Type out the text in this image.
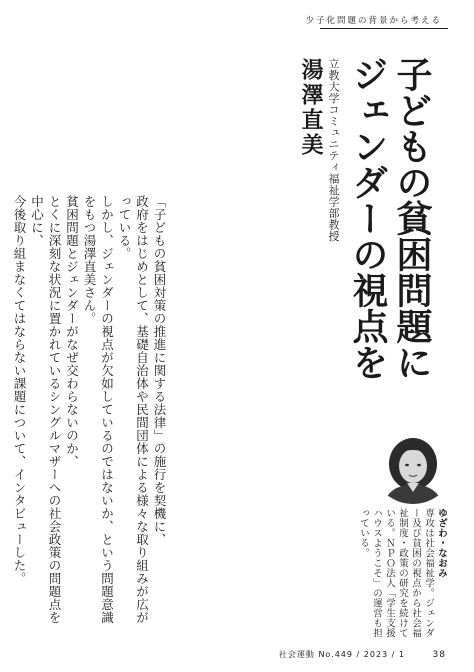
少子化問題の背景から考える
子どもの貧困問題に
ジェンダーの視点を
立教大学コミュニティ福祉学部教授
湯澤直美

「子どもの貧困対策の推進に関する法律」の施行を契機に、

政府をはじめとして、基礎自治体や民間団体による様々な取り組みが広がっている。

しかし、ジェンダーの視点が欠如しているのではないか、という問題意識をもつ湯澤直美さん。

貧困問題とジェンダーがなぜ交わらないのか、

とくに深刻な状況に置かれているシングルマザーへの社会政策の問題点を中心に、

今後取り組まなくてはならない課題について、インタビューした。	ゆざわ・なおみ
専攻は社会福祉学。ジェンダー及び貧困の視点から社会福祉制度・政策の研究を続けている。ＮＰＯ法人「学生支援ハウスようこそ」の運営も担っている。
社会運動 No.449 / 2023 / 1	38
